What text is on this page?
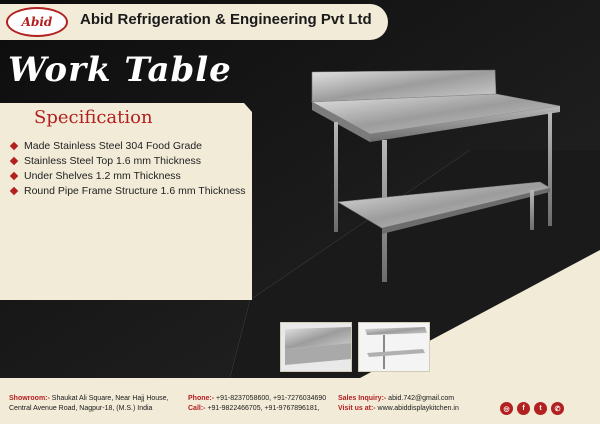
Abid Abid Refrigeration & Engineering Pvt Ltd
Work Table
Specification
Made Stainless Steel 304 Food Grade
Stainless Steel Top 1.6 mm Thickness
Under Shelves 1.2 mm Thickness
Round Pipe Frame Structure 1.6 mm Thickness
Showroom:- Shaukat Ali Square, Near Hajj House,
Central Avenue Road, Nagpur-18, (M.S.) India
Phone:- +91-8237058600, +91-7276034690
Call:- +91-9822466705, +91-9767896181,
Sales Inquiry:- abid.742@gmail.com
Visit us at:- www.abiddisplaykitchen.in	◎	f	t	✆
